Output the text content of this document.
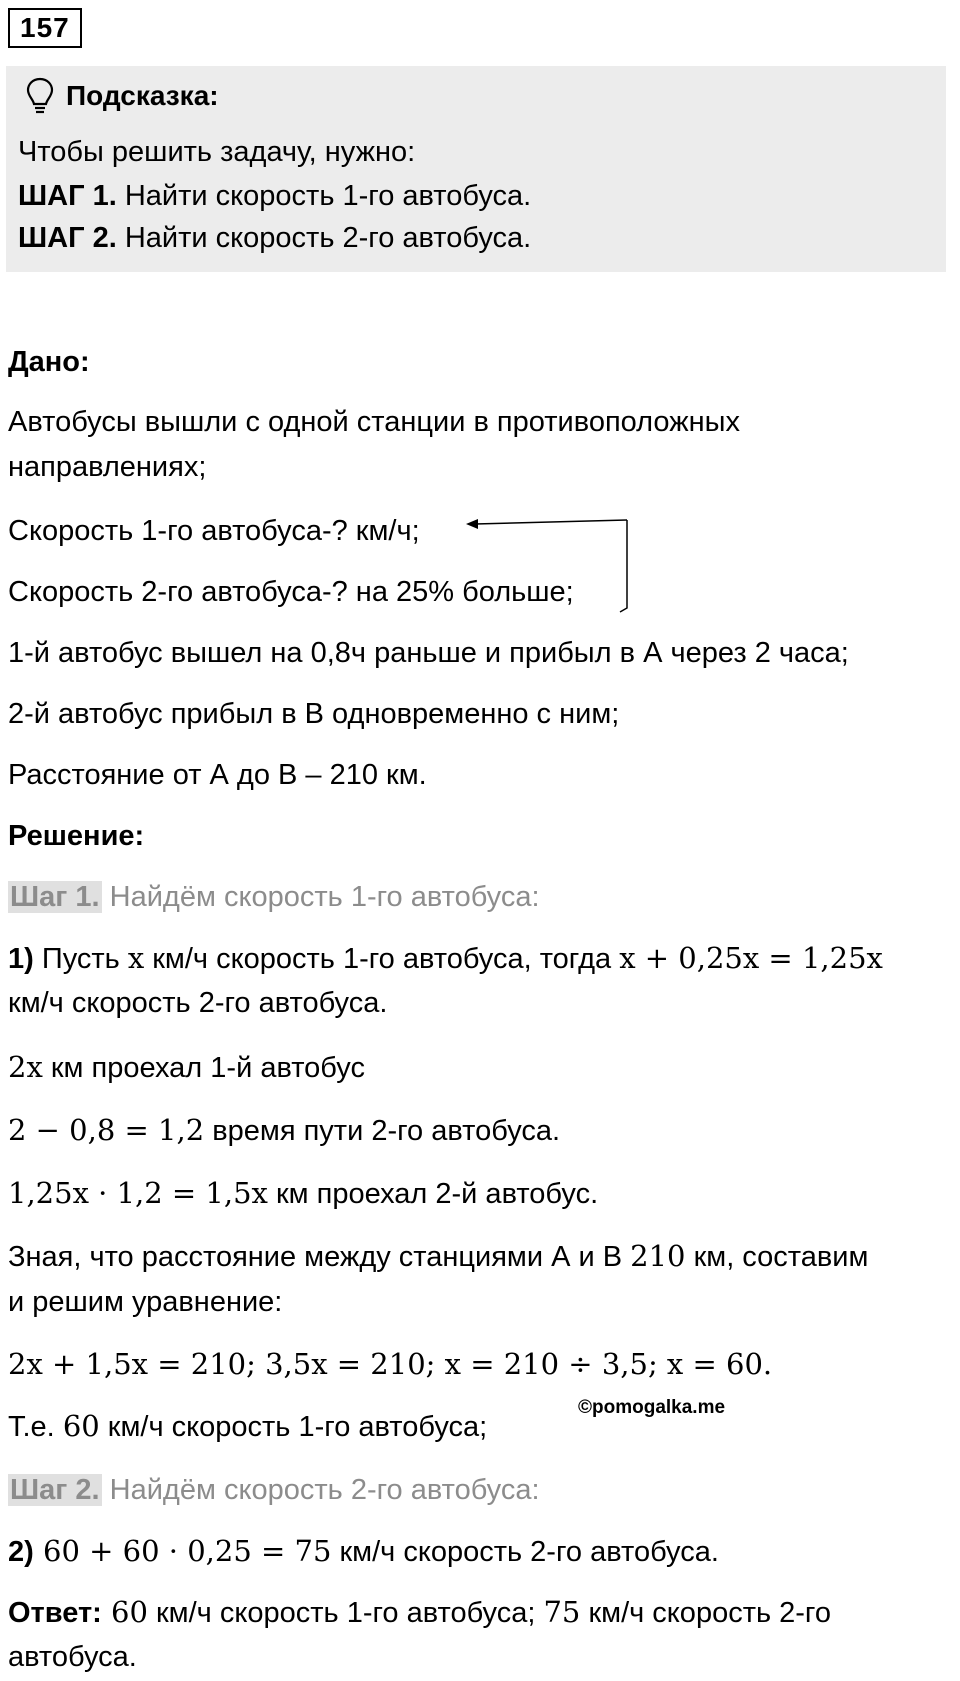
157
Подсказка:
Чтобы решить задачу, нужно:
ШАГ 1. Найти скорость 1-го автобуса.
ШАГ 2. Найти скорость 2-го автобуса.
Дано:
Автобусы вышли с одной станции в противоположных
направлениях;
Скорость 1-го автобуса-? км/ч;
Скорость 2-го автобуса-? на 25% больше;
1-й автобус вышел на 0,8ч раньше и прибыл в А через 2 часа;
2-й автобус прибыл в В одновременно с ним;
Расстояние от А до В – 210 км.
Решение:
Шаг 1. Найдём скорость 1-го автобуса:
1) Пусть x км/ч скорость 1-го автобуса, тогда x + 0,25x = 1,25x
км/ч скорость 2-го автобуса.
2x км проехал 1-й автобус
2 − 0,8 = 1,2 время пути 2-го автобуса.
1,25x · 1,2 = 1,5x км проехал 2-й автобус.
Зная, что расстояние между станциями А и В 210 км, составим
и решим уравнение:
2x + 1,5x = 210; 3,5x = 210; x = 210 ÷ 3,5; x = 60.
Т.е. 60 км/ч скорость 1-го автобуса;
©pomogalka.me
Шаг 2. Найдём скорость 2-го автобуса:
2) 60 + 60 · 0,25 = 75 км/ч скорость 2-го автобуса.
Ответ: 60 км/ч скорость 1-го автобуса; 75 км/ч скорость 2-го
автобуса.
